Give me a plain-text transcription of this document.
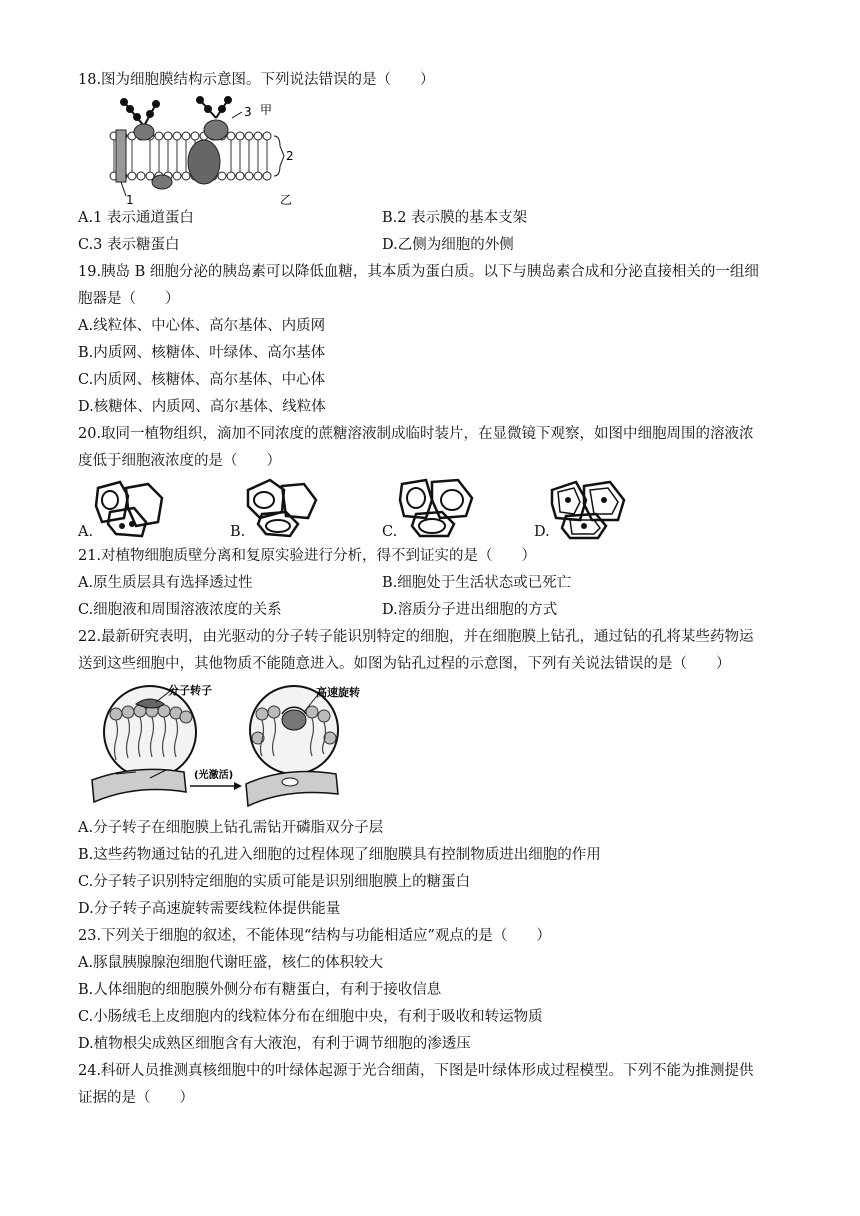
18.图为细胞膜结构示意图。下列说法错误的是（　　）
3 甲
2
1	乙
A.1 表示通道蛋白	B.2 表示膜的基本支架
C.3 表示糖蛋白	D.乙侧为细胞的外侧
19.胰岛 B 细胞分泌的胰岛素可以降低血糖，其本质为蛋白质。以下与胰岛素合成和分泌直接相关的一组细
胞器是（　　）
A.线粒体、中心体、高尔基体、内质网
B.内质网、核糖体、叶绿体、高尔基体
C.内质网、核糖体、高尔基体、中心体
D.核糖体、内质网、高尔基体、线粒体
20.取同一植物组织，滴加不同浓度的蔗糖溶液制成临时装片，在显微镜下观察，如图中细胞周围的溶液浓
度低于细胞液浓度的是（　　）
A.	B.	C.	D.
21.对植物细胞质壁分离和复原实验进行分析，得不到证实的是（　　）
A.原生质层具有选择透过性	B.细胞处于生活状态或已死亡
C.细胞液和周围溶液浓度的关系	D.溶质分子进出细胞的方式
22.最新研究表明，由光驱动的分子转子能识别特定的细胞，并在细胞膜上钻孔，通过钻的孔将某些药物运
送到这些细胞中，其他物质不能随意进入。如图为钻孔过程的示意图，下列有关说法错误的是（　　）
分子转子
(光激活)
高速旋转
A.分子转子在细胞膜上钻孔需钻开磷脂双分子层
B.这些药物通过钻的孔进入细胞的过程体现了细胞膜具有控制物质进出细胞的作用
C.分子转子识别特定细胞的实质可能是识别细胞膜上的糖蛋白
D.分子转子高速旋转需要线粒体提供能量
23.下列关于细胞的叙述，不能体现“结构与功能相适应”观点的是（　　）
A.豚鼠胰腺腺泡细胞代谢旺盛，核仁的体积较大
B.人体细胞的细胞膜外侧分布有糖蛋白，有利于接收信息
C.小肠绒毛上皮细胞内的线粒体分布在细胞中央，有利于吸收和转运物质
D.植物根尖成熟区细胞含有大液泡，有利于调节细胞的渗透压
24.科研人员推测真核细胞中的叶绿体起源于光合细菌，下图是叶绿体形成过程模型。下列不能为推测提供
证据的是（　　）
